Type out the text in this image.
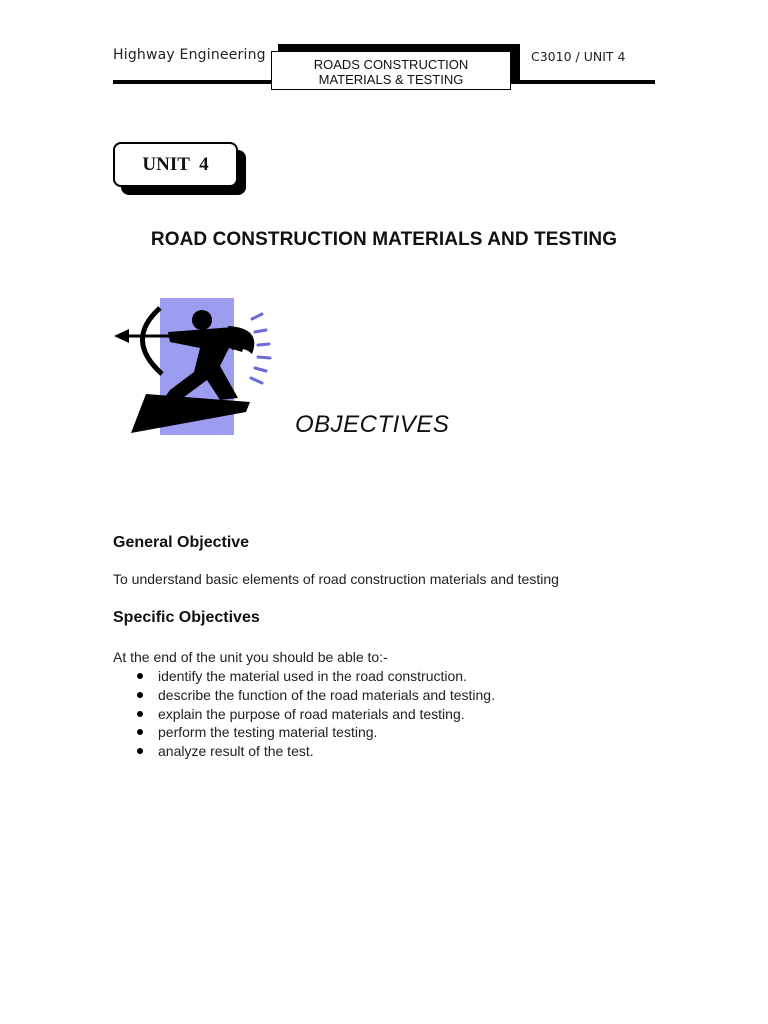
Highway Engineering
ROADS CONSTRUCTION
MATERIALS & TESTING
C3010 / UNIT 4
UNIT  4
ROAD CONSTRUCTION MATERIALS AND TESTING
OBJECTIVES
General Objective
To understand basic elements of road construction materials and testing
Specific Objectives
At the end of the unit you should be able to:-
identify the material used in the road construction.
describe the function of the road materials and testing.
explain the purpose of road materials and testing.
perform the testing material testing.
analyze result of the test.
